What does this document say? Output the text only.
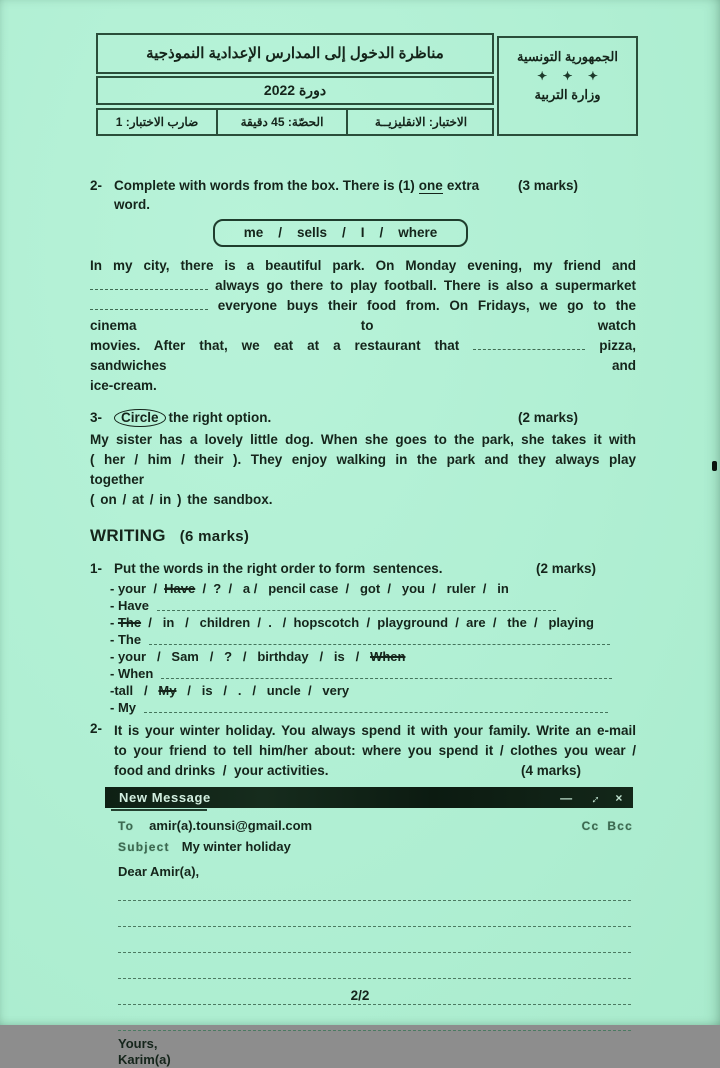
الجمهورية التونسية
✦ ✦ ✦
وزارة التربية
مناظرة الدخول إلى المدارس الإعدادية النموذجية
دورة 2022
ضارب الاختبار: 1	الحصّة: 45 دقيقة	الاختبار: الانقليزيــة
2- Complete with words from the box. There is (1) one extra word.
(3 marks)
me    /    sells    /    I    /    where
In my city, there is a beautiful park. On Monday evening, my friend and
always go there to play football. There is also a supermarket
everyone buys their food from. On Fridays, we go to the cinema to watch
movies. After that, we eat at a restaurant that	pizza, sandwiches and
ice-cream.
3-	Circle the right option.	(2 marks)
My sister has a lovely little dog. When she goes to the park, she takes it with
( her / him / their ). They enjoy walking in the park and they always play together
( on / at / in ) the sandbox.
WRITING (6 marks)
1- Put the words in the right order to form  sentences.	(2 marks)
- your  /  Have  /  ?  /   a /   pencil case  /   got  /   you  /   ruler  /   in
- Have
- The  /   in   /   children  /  .   /  hopscotch  /  playground  /  are  /   the  /   playing
- The
- your   /   Sam   /   ?   /   birthday   /   is   /   When
- When
-tall   /   My   /   is   /   .   /   uncle  /   very
- My
2- It is your winter holiday. You always spend it with your family. Write an e-mail
to your friend to tell him/her about: where you spend it / clothes you wear /
food and drinks  /  your activities.	(4 marks)
New Message	— ↔ ×
To amir(a).tounsi@gmail.com	Cc Bcc
Subject My winter holiday
Dear Amir(a),
Yours,
Karim(a)
2/2
